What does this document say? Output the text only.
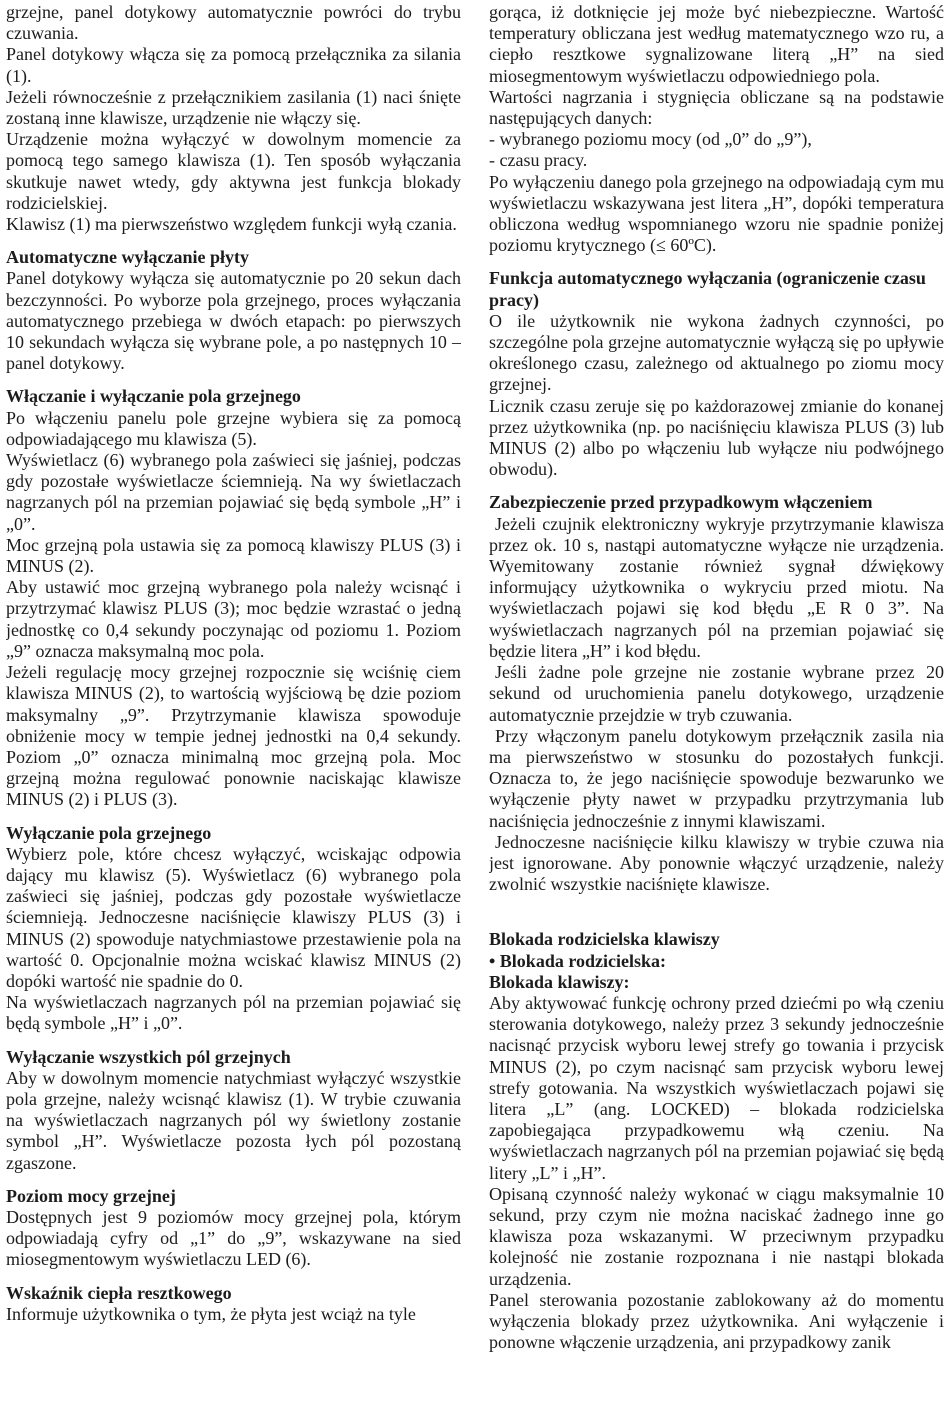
grzejne, panel dotykowy automatycznie powróci do trybu czuwania.

Panel dotykowy włącza się za pomocą przełącznika za silania (1).

Jeżeli równocześnie z przełącznikiem zasilania (1) naci śnięte zostaną inne klawisze, urządzenie nie włączy się.

Urządzenie można wyłączyć w dowolnym momencie za pomocą tego samego klawisza (1). Ten sposób wyłączania skutkuje nawet wtedy, gdy aktywna jest funkcja blokady rodzicielskiej.

Klawisz (1) ma pierwszeństwo względem funkcji wyłą czania.

Automatyczne wyłączanie płyty

Panel dotykowy wyłącza się automatycznie po 20 sekun dach bezczynności. Po wyborze pola grzejnego, proces wyłączania automatycznego przebiega w dwóch etapach: po pierwszych 10 sekundach wyłącza się wybrane pole, a po następnych 10 – panel dotykowy.

Włączanie i wyłączanie pola grzejnego

Po włączeniu panelu pole grzejne wybiera się za pomocą odpowiadającego mu klawisza (5).

Wyświetlacz (6) wybranego pola zaświeci się jaśniej, podczas gdy pozostałe wyświetlacze ściemnieją. Na wy świetlaczach nagrzanych pól na przemian pojawiać się będą symbole „H” i „0”.

Moc grzejną pola ustawia się za pomocą klawiszy PLUS (3) i MINUS (2).

Aby ustawić moc grzejną wybranego pola należy wcisnąć i przytrzymać klawisz PLUS (3); moc będzie wzrastać o jedną jednostkę co 0,4 sekundy poczynając od poziomu 1. Poziom „9” oznacza maksymalną moc pola.

Jeżeli regulację mocy grzejnej rozpocznie się wciśnię ciem klawisza MINUS (2), to wartością wyjściową bę dzie poziom maksymalny „9”. Przytrzymanie klawisza spowoduje obniżenie mocy w tempie jednej jednostki na 0,4 sekundy. Poziom „0” oznacza minimalną moc grzejną pola. Moc grzejną można regulować ponownie naciskając klawisze MINUS (2) i PLUS (3).

Wyłączanie pola grzejnego

Wybierz pole, które chcesz wyłączyć, wciskając odpowia dający mu klawisz (5). Wyświetlacz (6) wybranego pola zaświeci się jaśniej, podczas gdy pozostałe wyświetlacze ściemnieją. Jednoczesne naciśnięcie klawiszy PLUS (3) i MINUS (2) spowoduje natychmiastowe przestawienie pola na wartość 0. Opcjonalnie można wciskać klawisz MINUS (2) dopóki wartość nie spadnie do 0.

Na wyświetlaczach nagrzanych pól na przemian pojawiać się będą symbole „H” i „0”.

Wyłączanie wszystkich pól grzejnych

Aby w dowolnym momencie natychmiast wyłączyć wszystkie pola grzejne, należy wcisnąć klawisz (1). W trybie czuwania na wyświetlaczach nagrzanych pól wy świetlony zostanie symbol „H”. Wyświetlacze pozosta łych pól pozostaną zgaszone.

Poziom mocy grzejnej

Dostępnych jest 9 poziomów mocy grzejnej pola, którym odpowiadają cyfry od „1” do „9”, wskazywane na sied miosegmentowym wyświetlaczu LED (6).

Wskaźnik ciepła resztkowego

Informuje użytkownika o tym, że płyta jest wciąż na tyle

gorąca, iż dotknięcie jej może być niebezpieczne. Wartość temperatury obliczana jest według matematycznego wzo ru, a ciepło resztkowe sygnalizowane literą „H” na sied miosegmentowym wyświetlaczu odpowiedniego pola.

Wartości nagrzania i stygnięcia obliczane są na podstawie następujących danych:

- wybranego poziomu mocy (od „0” do „9”),

- czasu pracy.

Po wyłączeniu danego pola grzejnego na odpowiadają cym mu wyświetlaczu wskazywana jest litera „H”, dopóki temperatura obliczona według wspomnianego wzoru nie spadnie poniżej poziomu krytycznego (≤ 60ºC).

Funkcja automatycznego wyłączania (ograniczenie czasu pracy)

O ile użytkownik nie wykona żadnych czynności, po szczególne pola grzejne automatycznie wyłączą się po upływie określonego czasu, zależnego od aktualnego po ziomu mocy grzejnej.

Licznik czasu zeruje się po każdorazowej zmianie do konanej przez użytkownika (np. po naciśnięciu klawisza PLUS (3) lub MINUS (2) albo po włączeniu lub wyłącze niu podwójnego obwodu).

Zabezpieczenie przed przypadkowym włączeniem

Jeżeli czujnik elektroniczny wykryje przytrzymanie klawisza przez ok. 10 s, nastąpi automatyczne wyłącze nie urządzenia. Wyemitowany zostanie również sygnał dźwiękowy informujący użytkownika o wykryciu przed miotu. Na wyświetlaczach pojawi się kod błędu „E R 0 3”. Na wyświetlaczach nagrzanych pól na przemian pojawiać się będzie litera „H” i kod błędu.

Jeśli żadne pole grzejne nie zostanie wybrane przez 20 sekund od uruchomienia panelu dotykowego, urządzenie automatycznie przejdzie w tryb czuwania.

Przy włączonym panelu dotykowym przełącznik zasila nia ma pierwszeństwo w stosunku do pozostałych funkcji. Oznacza to, że jego naciśnięcie spowoduje bezwarunko we wyłączenie płyty nawet w przypadku przytrzymania lub naciśnięcia jednocześnie z innymi klawiszami.

Jednoczesne naciśnięcie kilku klawiszy w trybie czuwa nia jest ignorowane. Aby ponownie włączyć urządzenie, należy zwolnić wszystkie naciśnięte klawisze.

Blokada rodzicielska klawiszy
• Blokada rodzicielska:
Blokada klawiszy:

Aby aktywować funkcję ochrony przed dziećmi po włą czeniu sterowania dotykowego, należy przez 3 sekundy jednocześnie nacisnąć przycisk wyboru lewej strefy go towania i przycisk MINUS (2), po czym nacisnąć sam przycisk wyboru lewej strefy gotowania. Na wszystkich wyświetlaczach pojawi się litera „L” (ang. LOCKED) – blokada rodzicielska zapobiegająca przypadkowemu włą czeniu. Na wyświetlaczach nagrzanych pól na przemian pojawiać się będą litery „L” i „H”.

Opisaną czynność należy wykonać w ciągu maksymalnie 10 sekund, przy czym nie można naciskać żadnego inne go klawisza poza wskazanymi. W przeciwnym przypadku kolejność nie zostanie rozpoznana i nie nastąpi blokada urządzenia.

Panel sterowania pozostanie zablokowany aż do momentu wyłączenia blokady przez użytkownika. Ani wyłączenie i ponowne włączenie urządzenia, ani przypadkowy zanik
